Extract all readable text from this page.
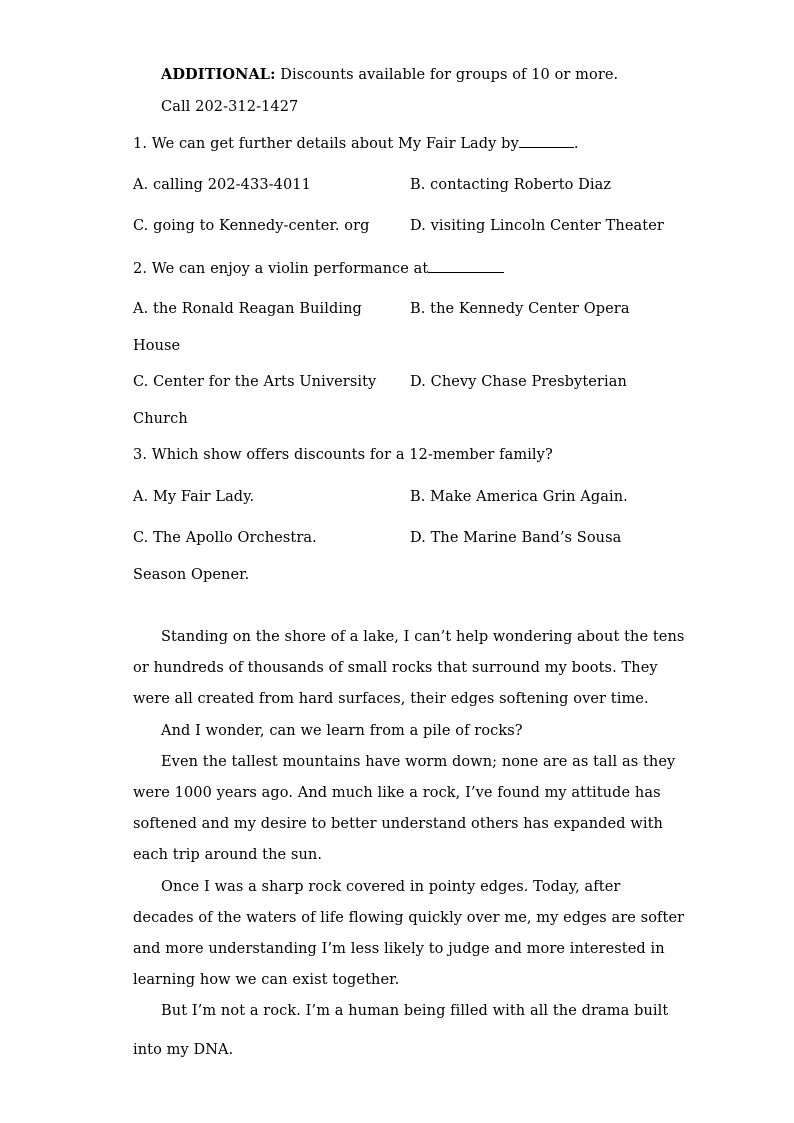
ADDITIONAL: Discounts available for groups of 10 or more.
Call 202-312-1427
1. We can get further details about My Fair Lady by	.
A. calling 202-433-4011	B. contacting Roberto Diaz
C. going to Kennedy-center. org	D. visiting Lincoln Center Theater
2. We can enjoy a violin performance at
A. the Ronald Reagan Building	B. the Kennedy Center Opera
House
C. Center for the Arts University D. Chevy Chase Presbyterian
Church
3. Which show offers discounts for a 12-member family?
A. My Fair Lady.	B. Make America Grin Again.
C. The Apollo Orchestra.	D. The Marine Band’s Sousa
Season Opener.
Standing on the shore of a lake, I can’t help wondering about the tens
or hundreds of thousands of small rocks that surround my boots. They
were all created from hard surfaces, their edges softening over time.
And I wonder, can we learn from a pile of rocks?
Even the tallest mountains have worm down; none are as tall as they
were 1000 years ago. And much like a rock, I’ve found my attitude has
softened and my desire to better understand others has expanded with
each trip around the sun.
Once I was a sharp rock covered in pointy edges. Today, after
decades of the waters of life flowing quickly over me, my edges are softer
and more understanding I’m less likely to judge and more interested in
learning how we can exist together.
But I’m not a rock. I’m a human being filled with all the drama built
into my DNA.
